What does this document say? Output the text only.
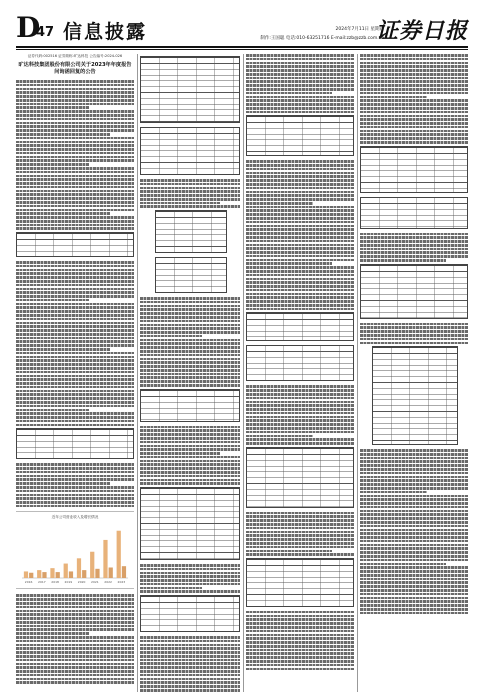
D
47 信息披露	2024年7月11日 星期四
制作:王国聪 电话:010-63251716 E-mail:zzb@zzb.com.cn
证券日报
证券代码:002516 证券简称:旷达科技 公告编号:2024-026
旷达科技集团股份有限公司关于2023年年度报告问询函回复的公告
近年公司营业收入及增长情况
2016 2017 2018 2019 2020 2021 2022 2023
